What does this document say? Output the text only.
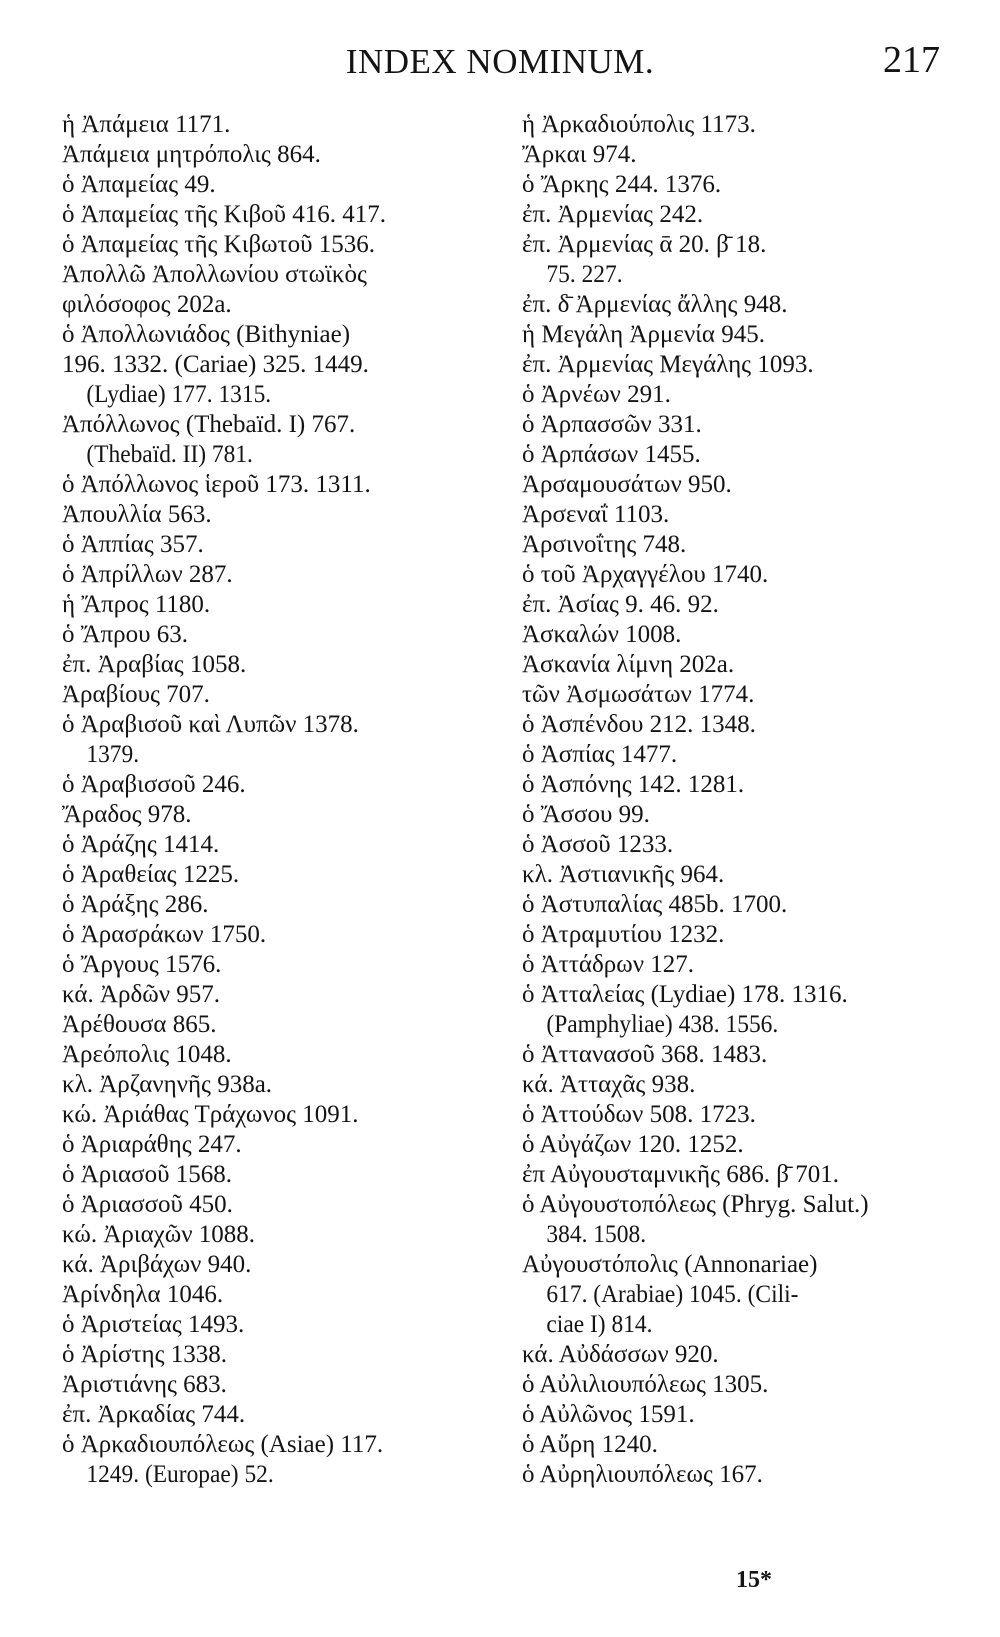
INDEX NOMINUM.	217
ἡ Ἀπάμεια 1171.
Ἀπάμεια μητρόπολις 864.
ὁ Ἀπαμείας 49.
ὁ Ἀπαμείας τῆς Κιβοῦ 416. 417.
ὁ Ἀπαμείας τῆς Κιβωτοῦ 1536.
Ἀπολλῶ Ἀπολλωνίου στωϊκὸς
φιλόσοφος 202a.
ὁ Ἀπολλωνιάδος (Bithyniae)
196. 1332. (Cariae) 325. 1449.
(Lydiae) 177. 1315.
Ἀπόλλωνος (Thebaïd. I) 767.
(Thebaïd. II) 781.
ὁ Ἀπόλλωνος ἱεροῦ 173. 1311.
Ἀπουλλία 563.
ὁ Ἀππίας 357.
ὁ Ἀπρίλλων 287.
ἡ Ἄπρος 1180.
ὁ Ἄπρου 63.
ἐπ. Ἀραβίας 1058.
Ἀραβίους 707.
ὁ Ἀραβισοῦ καὶ Λυπῶν 1378.
1379.
ὁ Ἀραβισσοῦ 246.
Ἄραδος 978.
ὁ Ἀράζης 1414.
ὁ Ἀραθείας 1225.
ὁ Ἀράξης 286.
ὁ Ἀρασράκων 1750.
ὁ Ἄργους 1576.
κά. Ἀρδῶν 957.
Ἀρέθουσα 865.
Ἀρεόπολις 1048.
κλ. Ἀρζανηνῆς 938a.
κώ. Ἀριάθας Τράχωνος 1091.
ὁ Ἀριαράθης 247.
ὁ Ἀριασοῦ 1568.
ὁ Ἀριασσοῦ 450.
κώ. Ἀριαχῶν 1088.
κά. Ἀριβάχων 940.
Ἀρίνδηλα 1046.
ὁ Ἀριστείας 1493.
ὁ Ἀρίστης 1338.
Ἀριστιάνης 683.
ἐπ. Ἀρκαδίας 744.
ὁ Ἀρκαδιουπόλεως (Asiae) 117.
1249. (Europae) 52.
ἡ Ἀρκαδιούπολις 1173.
Ἄρκαι 974.
ὁ Ἄρκης 244. 1376.
ἐπ. Ἀρμενίας 242.
ἐπ. Ἀρμενίας ᾱ 20. β̄ 18.
75. 227.
ἐπ. δ̄ Ἀρμενίας ἄλλης 948.
ἡ Μεγάλη Ἀρμενία 945.
ἐπ. Ἀρμενίας Μεγάλης 1093.
ὁ Ἀρνέων 291.
ὁ Ἀρπασσῶν 331.
ὁ Ἀρπάσων 1455.
Ἀρσαμουσάτων 950.
Ἀρσεναΐ 1103.
Ἀρσινοΐτης 748.
ὁ τοῦ Ἀρχαγγέλου 1740.
ἐπ. Ἀσίας 9. 46. 92.
Ἀσκαλών 1008.
Ἀσκανία λίμνη 202a.
τῶν Ἀσμωσάτων 1774.
ὁ Ἀσπένδου 212. 1348.
ὁ Ἀσπίας 1477.
ὁ Ἀσπόνης 142. 1281.
ὁ Ἄσσου 99.
ὁ Ἀσσοῦ 1233.
κλ. Ἀστιανικῆς 964.
ὁ Ἀστυπαλίας 485b. 1700.
ὁ Ἀτραμυτίου 1232.
ὁ Ἀττάδρων 127.
ὁ Ἀτταλείας (Lydiae) 178. 1316.
(Pamphyliae) 438. 1556.
ὁ Ἀττανασοῦ 368. 1483.
κά. Ἀτταχᾶς 938.
ὁ Ἀττούδων 508. 1723.
ὁ Αὐγάζων 120. 1252.
ἐπ Αὐγουσταμνικῆς 686. β̄ 701.
ὁ Αὐγουστοπόλεως (Phryg. Salut.)
384. 1508.
Αὐγουστόπολις (Annonariae)
617. (Arabiae) 1045. (Cili-
ciae I) 814.
κά. Αὐδάσσων 920.
ὁ Αὐλιλιουπόλεως 1305.
ὁ Αὐλῶνος 1591.
ὁ Αὔρη 1240.
ὁ Αὐρηλιουπόλεως 167.
15*
